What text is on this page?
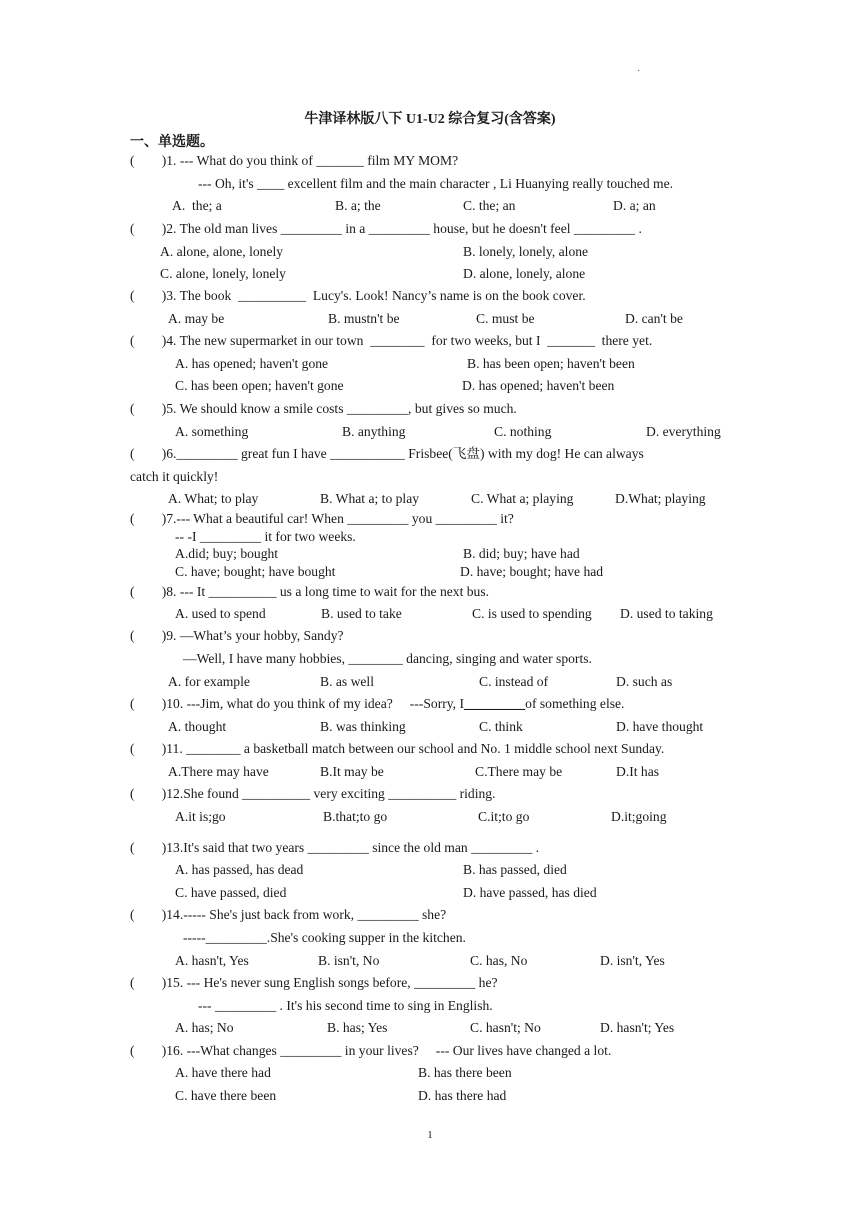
·
牛津译林版八下 U1-U2 综合复习(含答案)
一、单选题。
(        )1. --- What do you think of _______ film MY MOM?
--- Oh, it's ____ excellent film and the main character , Li Huanying really touched me.
A.  the; a	B. a; the	C. the; an	D. a; an
(        )2. The old man lives _________ in a _________ house, but he doesn't feel _________ .
A. alone, alone, lonely	B. lonely, lonely, alone
C. alone, lonely, lonely	D. alone, lonely, alone
(        )3. The book  __________  Lucy's. Look! Nancy’s name is on the book cover.
A. may be	B. mustn't be	C. must be	D. can't be
(        )4. The new supermarket in our town  ________  for two weeks, but I  _______  there yet.
A. has opened; haven't gone	B. has been open; haven't been
C. has been open; haven't gone	D. has opened; haven't been
(        )5. We should know a smile costs _________, but gives so much.
A. something	B. anything	C. nothing	D. everything
(        )6._________ great fun I have ___________ Frisbee(飞盘) with my dog! He can always
catch it quickly!
A. What; to play	B. What a; to play	C. What a; playing	D.What; playing
(        )7.--- What a beautiful car! When _________ you _________ it?
-- -I _________ it for two weeks.
A.did; buy; bought	B. did; buy; have had
C. have; bought; have bought	D. have; bought; have had
(        )8. --- It __________ us a long time to wait for the next bus.
A. used to spend	B. used to take	C. is used to spending D. used to taking
(        )9. —What’s your hobby, Sandy?
—Well, I have many hobbies, ________ dancing, singing and water sports.
A. for example	B. as well	C. instead of	D. such as
(        )10. ---Jim, what do you think of my idea?     ---Sorry, I_________of something else.
A. thought	B. was thinking	C. think	D. have thought
(        )11. ________ a basketball match between our school and No. 1 middle school next Sunday.
A.There may have	B.It may be	C.There may be	D.It has
(        )12.She found __________ very exciting __________ riding.
A.it is;go	B.that;to go	C.it;to go	D.it;going
(        )13.It's said that two years _________ since the old man _________ .
A. has passed, has dead	B. has passed, died
C. have passed, died	D. have passed, has died
(        )14.----- She's just back from work, _________ she?
-----_________.She's cooking supper in the kitchen.
A. hasn't, Yes	B. isn't, No	C. has, No	D. isn't, Yes
(        )15. --- He's never sung English songs before, _________ he?
--- _________ . It's his second time to sing in English.
A. has; No	B. has; Yes	C. hasn't; No	D. hasn't; Yes
(        )16. ---What changes _________ in your lives?     --- Our lives have changed a lot.
A. have there had	B. has there been
C. have there been	D. has there had
1
